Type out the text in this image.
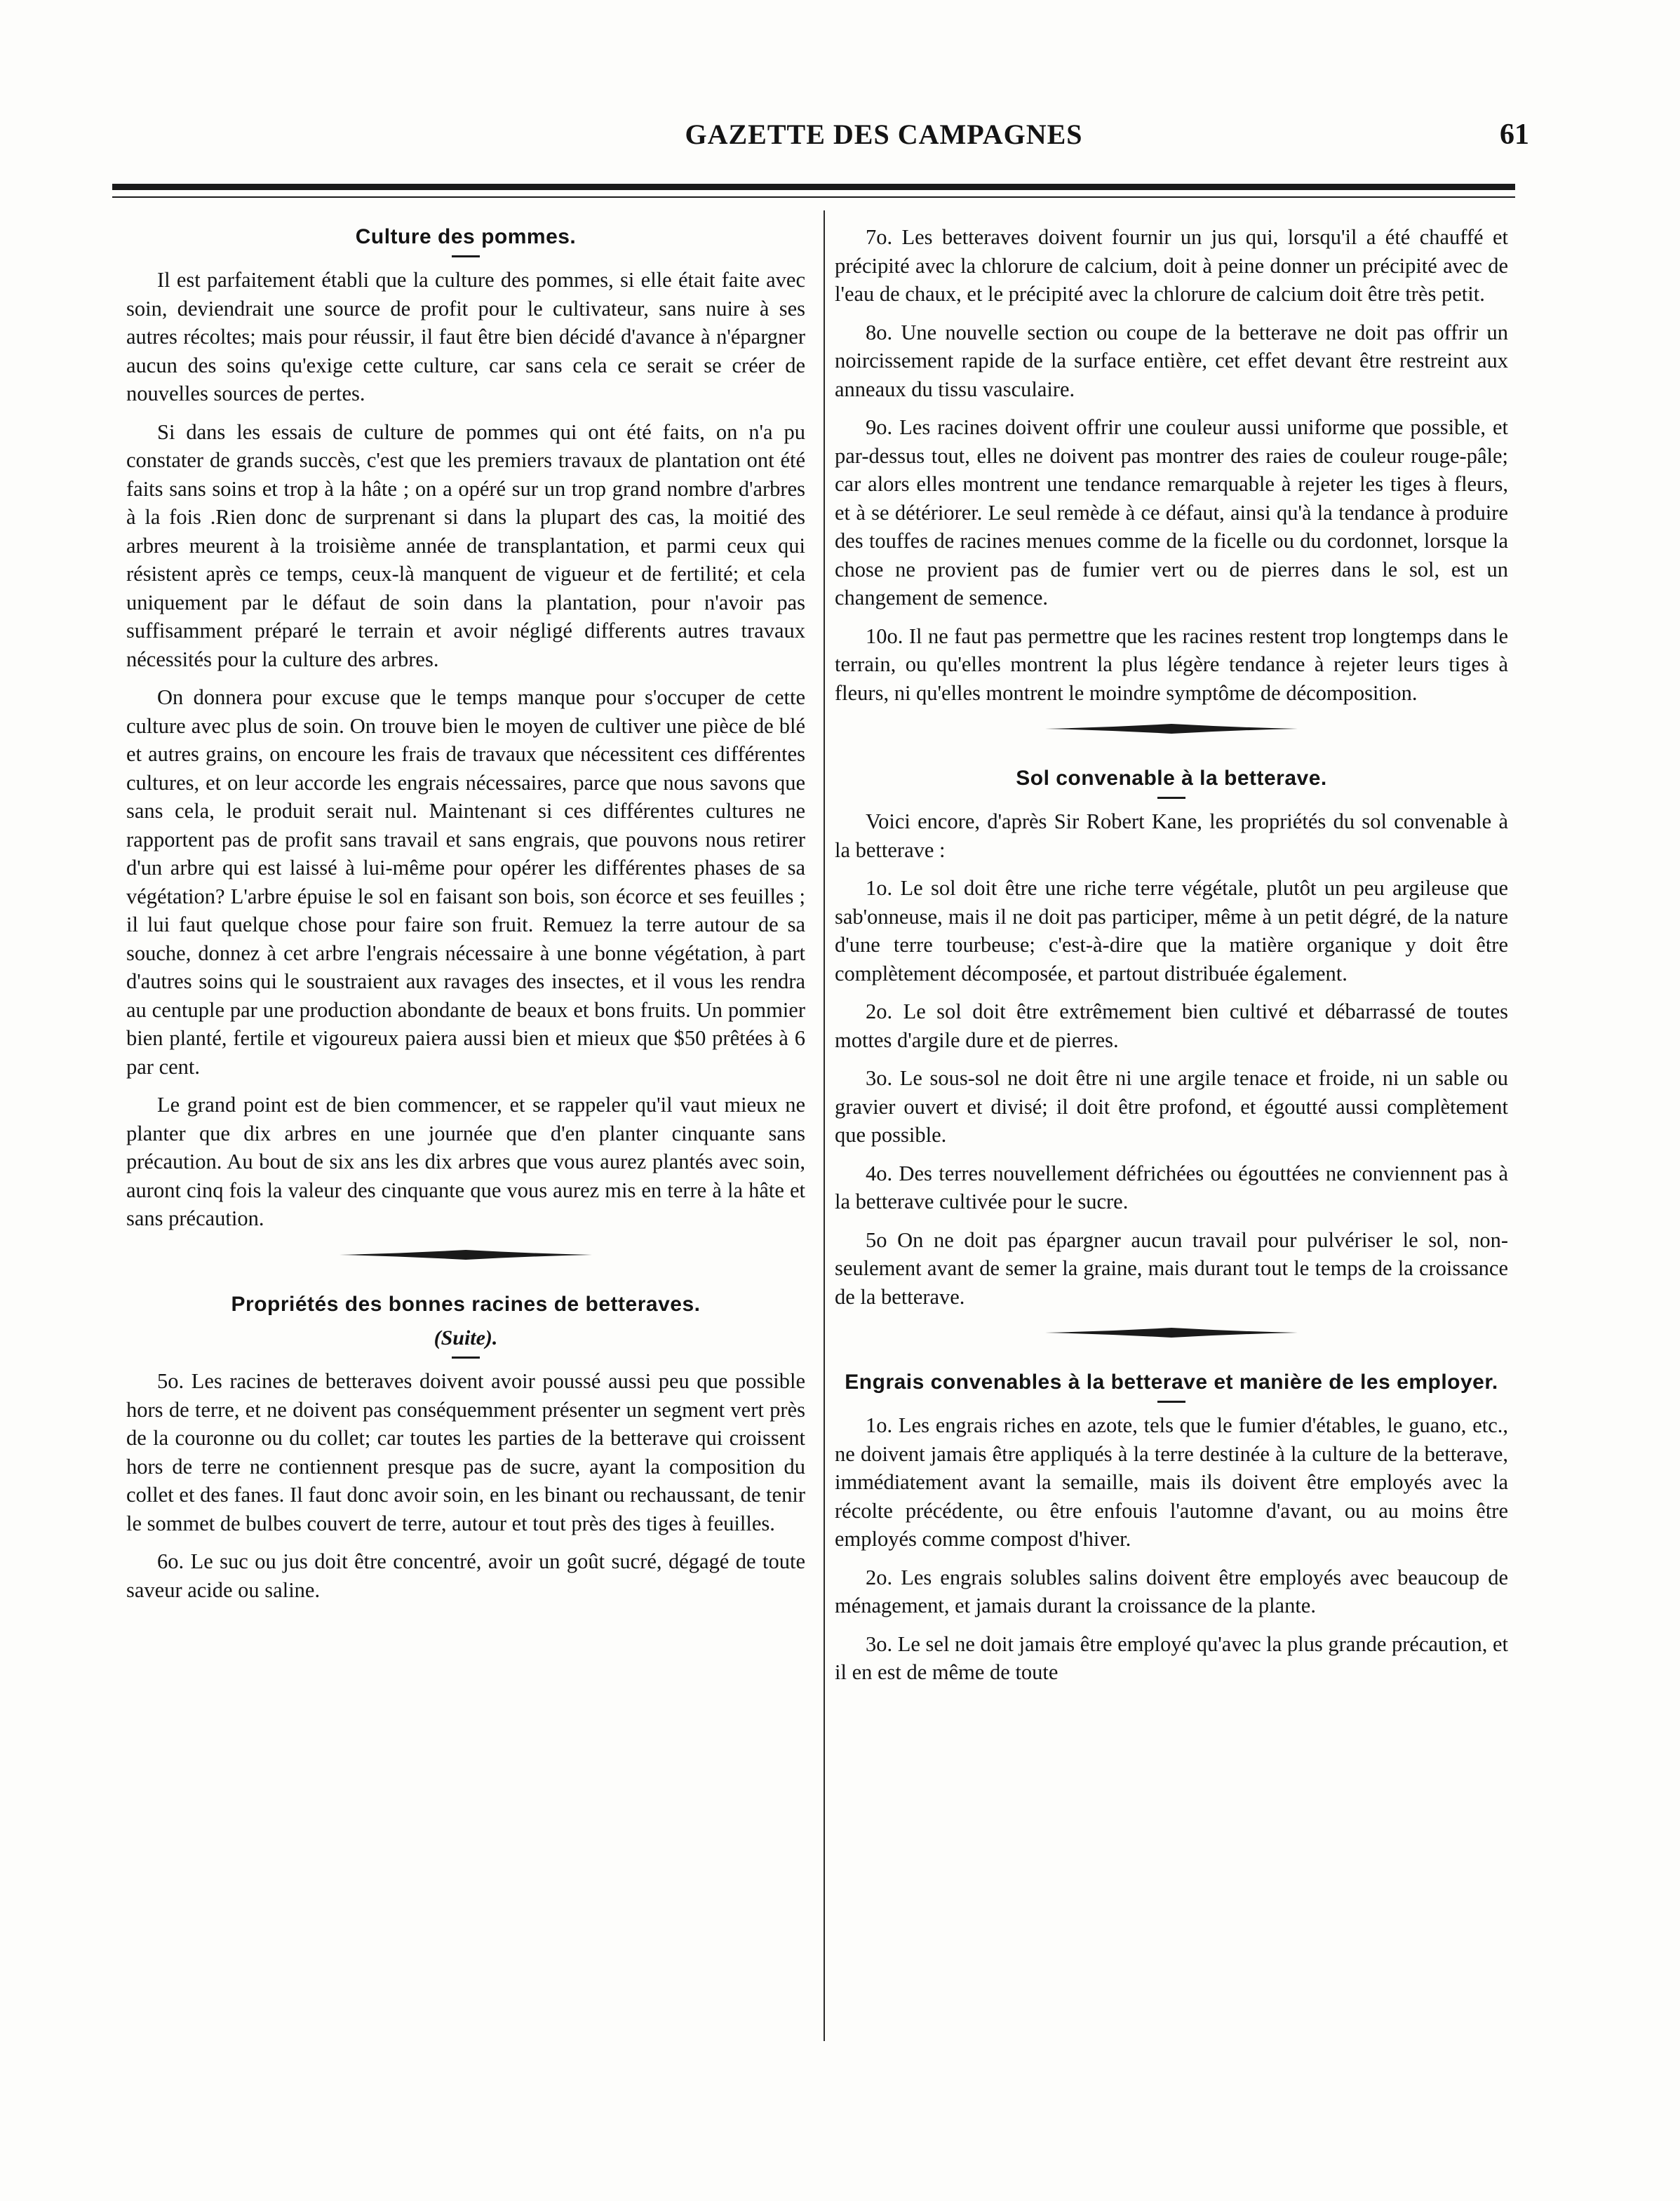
GAZETTE DES CAMPAGNES	61
Culture des pommes.

Il est parfaitement établi que la culture des pommes, si elle était faite avec soin, deviendrait une source de profit pour le cultivateur, sans nuire à ses autres récoltes; mais pour réussir, il faut être bien décidé d'avance à n'épargner aucun des soins qu'exige cette culture, car sans cela ce serait se créer de nouvelles sources de pertes.

Si dans les essais de culture de pommes qui ont été faits, on n'a pu constater de grands succès, c'est que les premiers travaux de plantation ont été faits sans soins et trop à la hâte ; on a opéré sur un trop grand nombre d'arbres à la fois .Rien donc de surprenant si dans la plupart des cas, la moitié des arbres meurent à la troisième année de transplantation, et parmi ceux qui résistent après ce temps, ceux-là manquent de vigueur et de fertilité; et cela uniquement par le défaut de soin dans la plantation, pour n'avoir pas suffisamment préparé le terrain et avoir négligé differents autres travaux nécessités pour la culture des arbres.

On donnera pour excuse que le temps manque pour s'occuper de cette culture avec plus de soin. On trouve bien le moyen de cultiver une pièce de blé et autres grains, on encoure les frais de travaux que nécessitent ces différentes cultures, et on leur accorde les engrais nécessaires, parce que nous savons que sans cela, le produit serait nul. Maintenant si ces différentes cultures ne rapportent pas de profit sans travail et sans engrais, que pouvons nous retirer d'un arbre qui est laissé à lui-même pour opérer les différentes phases de sa végétation? L'arbre épuise le sol en faisant son bois, son écorce et ses feuilles ; il lui faut quelque chose pour faire son fruit. Remuez la terre autour de sa souche, donnez à cet arbre l'engrais nécessaire à une bonne végétation, à part d'autres soins qui le soustraient aux ravages des insectes, et il vous les rendra au centuple par une production abondante de beaux et bons fruits. Un pommier bien planté, fertile et vigoureux paiera aussi bien et mieux que $50 prêtées à 6 par cent.

Le grand point est de bien commencer, et se rappeler qu'il vaut mieux ne planter que dix arbres en une journée que d'en planter cinquante sans précaution. Au bout de six ans les dix arbres que vous aurez plantés avec soin, auront cinq fois la valeur des cinquante que vous aurez mis en terre à la hâte et sans précaution.

Propriétés des bonnes racines de betteraves.
(Suite).

5o. Les racines de betteraves doivent avoir poussé aussi peu que possible hors de terre, et ne doivent pas conséquemment présenter un segment vert près de la couronne ou du collet; car toutes les parties de la betterave qui croissent hors de terre ne contiennent presque pas de sucre, ayant la composition du collet et des fanes. Il faut donc avoir soin, en les binant ou rechaussant, de tenir le sommet de bulbes couvert de terre, autour et tout près des tiges à feuilles.

6o. Le suc ou jus doit être concentré, avoir un goût sucré, dégagé de toute saveur acide ou saline.

7o. Les betteraves doivent fournir un jus qui, lorsqu'il a été chauffé et précipité avec la chlorure de calcium, doit à peine donner un précipité avec de l'eau de chaux, et le précipité avec la chlorure de calcium doit être très petit.

8o. Une nouvelle section ou coupe de la betterave ne doit pas offrir un noircissement rapide de la surface entière, cet effet devant être restreint aux anneaux du tissu vasculaire.

9o. Les racines doivent offrir une couleur aussi uniforme que possible, et par-dessus tout, elles ne doivent pas montrer des raies de couleur rouge-pâle; car alors elles montrent une tendance remarquable à rejeter les tiges à fleurs, et à se détériorer. Le seul remède à ce défaut, ainsi qu'à la tendance à produire des touffes de racines menues comme de la ficelle ou du cordonnet, lorsque la chose ne provient pas de fumier vert ou de pierres dans le sol, est un changement de semence.

10o. Il ne faut pas permettre que les racines restent trop longtemps dans le terrain, ou qu'elles montrent la plus légère tendance à rejeter leurs tiges à fleurs, ni qu'elles montrent le moindre symptôme de décomposition.

Sol convenable à la betterave.

Voici encore, d'après Sir Robert Kane, les propriétés du sol convenable à la betterave :

1o. Le sol doit être une riche terre végétale, plutôt un peu argileuse que sab'onneuse, mais il ne doit pas participer, même à un petit dégré, de la nature d'une terre tourbeuse; c'est-à-dire que la matière organique y doit être complètement décomposée, et partout distribuée également.

2o. Le sol doit être extrêmement bien cultivé et débarrassé de toutes mottes d'argile dure et de pierres.

3o. Le sous-sol ne doit être ni une argile tenace et froide, ni un sable ou gravier ouvert et divisé; il doit être profond, et égoutté aussi complètement que possible.

4o. Des terres nouvellement défrichées ou égouttées ne conviennent pas à la betterave cultivée pour le sucre.

5o On ne doit pas épargner aucun travail pour pulvériser le sol, non-seulement avant de semer la graine, mais durant tout le temps de la croissance de la betterave.

Engrais convenables à la betterave et manière de les employer.

1o. Les engrais riches en azote, tels que le fumier d'étables, le guano, etc., ne doivent jamais être appliqués à la terre destinée à la culture de la betterave, immédiatement avant la semaille, mais ils doivent être employés avec la récolte précédente, ou être enfouis l'automne d'avant, ou au moins être employés comme compost d'hiver.

2o. Les engrais solubles salins doivent être employés avec beaucoup de ménagement, et jamais durant la croissance de la plante.

3o. Le sel ne doit jamais être employé qu'avec la plus grande précaution, et il en est de même de toute
